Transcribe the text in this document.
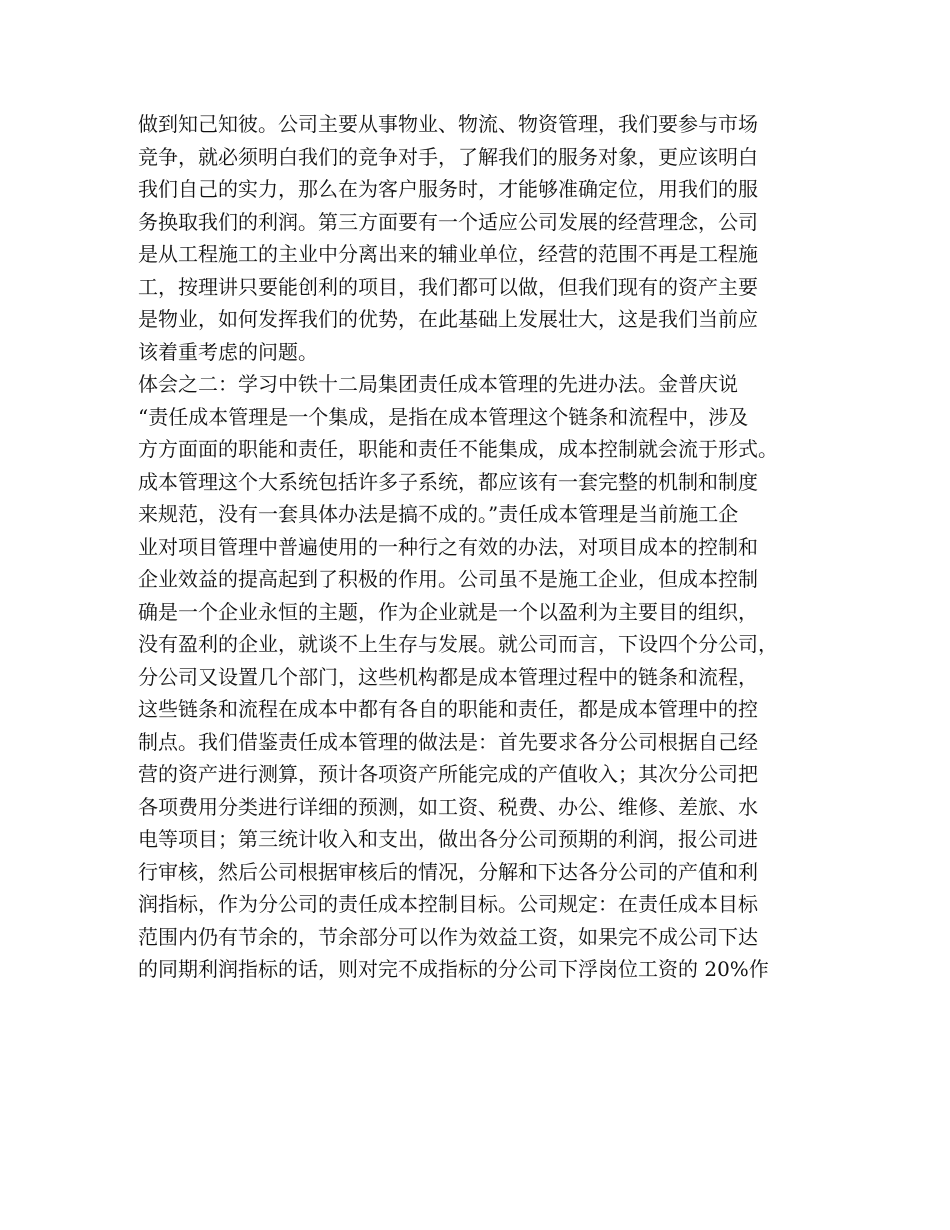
做到知己知彼。公司主要从事物业、物流、物资管理，我们要参与市场
竞争，就必须明白我们的竞争对手，了解我们的服务对象，更应该明白
我们自己的实力，那么在为客户服务时，才能够准确定位，用我们的服
务换取我们的利润。第三方面要有一个适应公司发展的经营理念，公司
是从工程施工的主业中分离出来的辅业单位，经营的范围不再是工程施
工，按理讲只要能创利的项目，我们都可以做，但我们现有的资产主要
是物业，如何发挥我们的优势，在此基础上发展壮大，这是我们当前应
该着重考虑的问题。
体会之二：学习中铁十二局集团责任成本管理的先进办法。金普庆说
“责任成本管理是一个集成，是指在成本管理这个链条和流程中，涉及
方方面面的职能和责任，职能和责任不能集成，成本控制就会流于形式。
成本管理这个大系统包括许多子系统，都应该有一套完整的机制和制度
来规范，没有一套具体办法是搞不成的。”责任成本管理是当前施工企
业对项目管理中普遍使用的一种行之有效的办法，对项目成本的控制和
企业效益的提高起到了积极的作用。公司虽不是施工企业，但成本控制
确是一个企业永恒的主题，作为企业就是一个以盈利为主要目的组织，
没有盈利的企业，就谈不上生存与发展。就公司而言，下设四个分公司，
分公司又设置几个部门，这些机构都是成本管理过程中的链条和流程，
这些链条和流程在成本中都有各自的职能和责任，都是成本管理中的控
制点。我们借鉴责任成本管理的做法是：首先要求各分公司根据自己经
营的资产进行测算，预计各项资产所能完成的产值收入；其次分公司把
各项费用分类进行详细的预测，如工资、税费、办公、维修、差旅、水
电等项目；第三统计收入和支出，做出各分公司预期的利润，报公司进
行审核，然后公司根据审核后的情况，分解和下达各分公司的产值和利
润指标，作为分公司的责任成本控制目标。公司规定：在责任成本目标
范围内仍有节余的，节余部分可以作为效益工资，如果完不成公司下达
的同期利润指标的话，则对完不成指标的分公司下浮岗位工资的 20%作
